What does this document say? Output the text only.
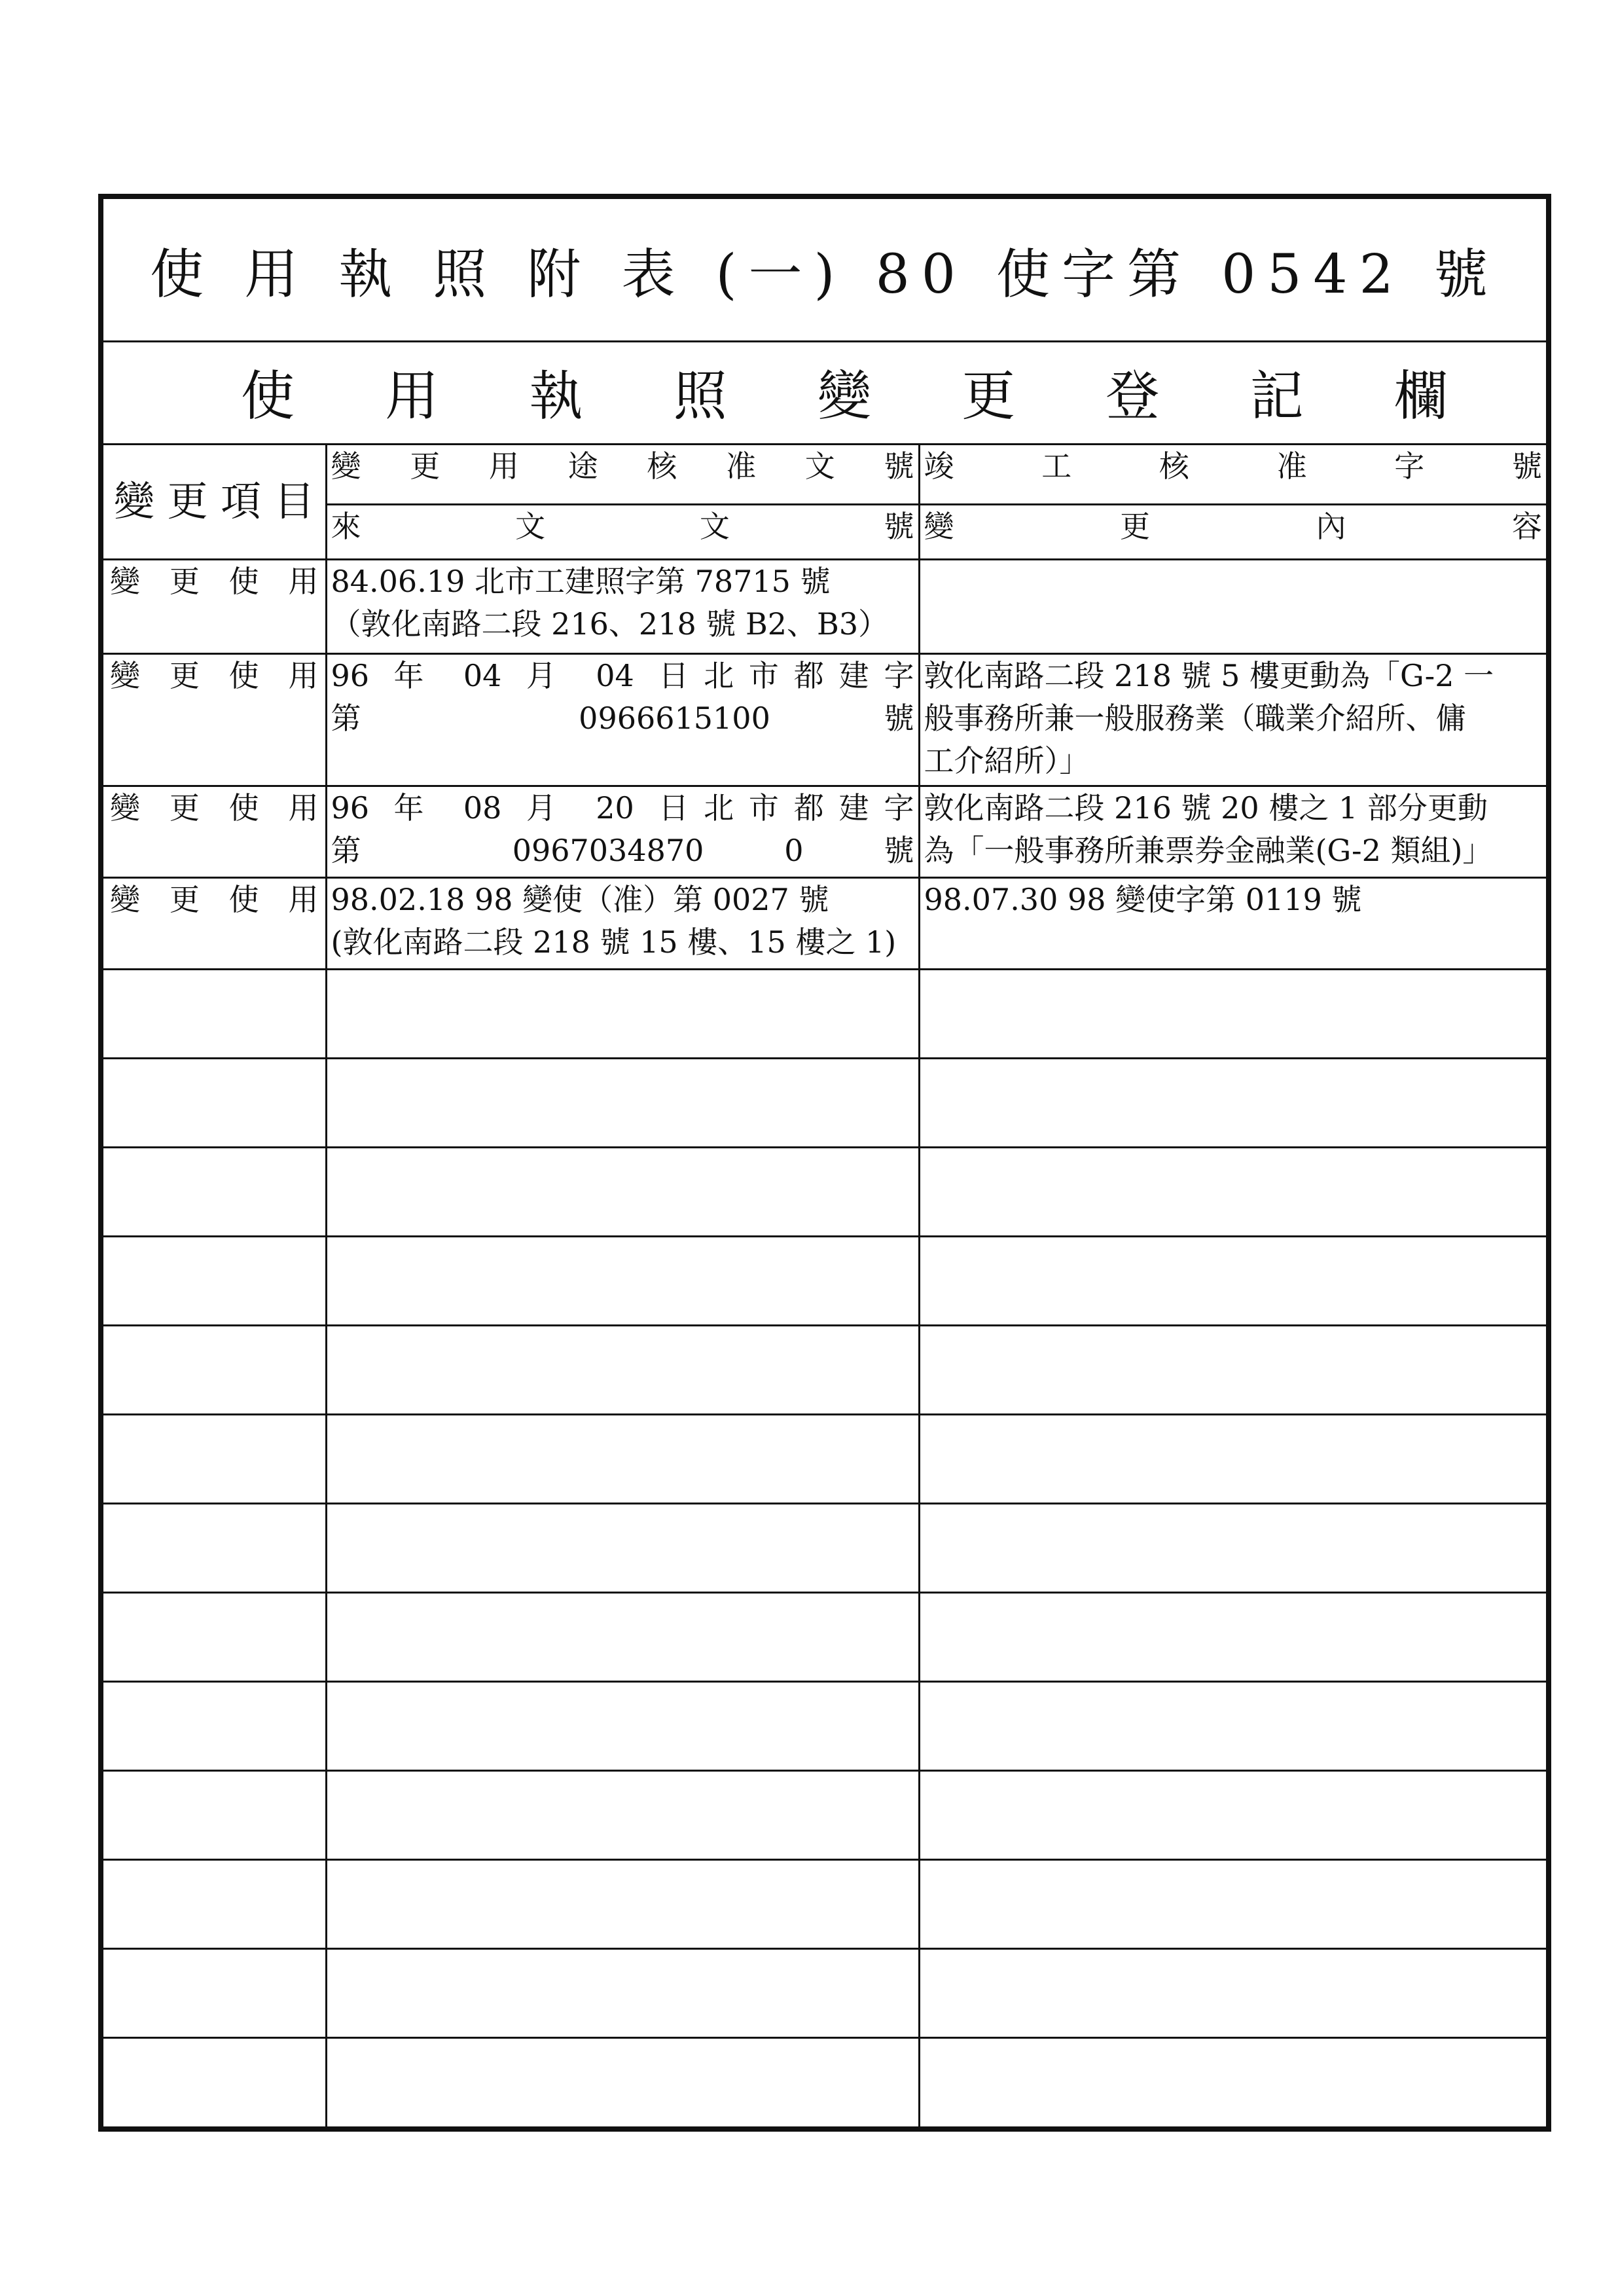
使 用 執 照 附 表 (一) 80 使字第 0542 號
使 用 執 照 變 更 登 記 欄
變更項目	變 更 用 途 核 准 文 號	竣 工 核 准 字 號
	來 文 文 號	變 更 內 容
變 更 使 用	84.06.19 北市工建照字第 78715 號
（敦化南路二段 216、218 號 B2、B3）	

變 更 使 用	96 年 04 月 04 日北市都建字
第 0966615100 號	敦化南路二段 218 號 5 樓更動為「G-2 一
般事務所兼一般服務業（職業介紹所、傭
工介紹所）」

變 更 使 用	96 年 08 月 20 日北市都建字
第 0967034870 0 號	敦化南路二段 216 號 20 樓之 1 部分更動
為「一般事務所兼票券金融業(G-2 類組)」

變 更 使 用	98.02.18 98 變使（准）第 0027 號
(敦化南路二段 218 號 15 樓、15 樓之 1)	98.07.30 98 變使字第 0119 號
